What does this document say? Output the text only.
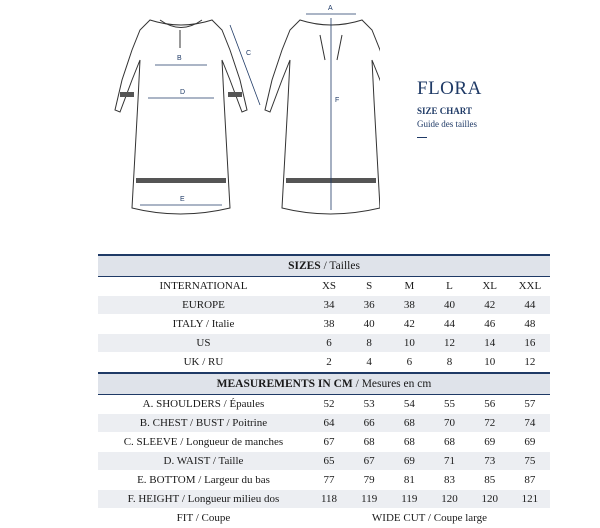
B
D
E
C
A
F
FLORA
SIZE CHART
Guide des tailles
SIZES / Tailles						
INTERNATIONAL	XS	S	M	L	XL	XXL
EUROPE	34	36	38	40	42	44
ITALY / Italie	38	40	42	44	46	48
US	6	8	10	12	14	16
UK / RU	2	4	6	8	10	12
MEASUREMENTS IN CM / Mesures en cm						
A. SHOULDERS / Épaules	52	53	54	55	56	57
B. CHEST / BUST / Poitrine	64	66	68	70	72	74
C. SLEEVE / Longueur de manches	67	68	68	68	69	69
D. WAIST / Taille	65	67	69	71	73	75
E. BOTTOM / Largeur du bas	77	79	81	83	85	87
F. HEIGHT / Longueur milieu dos	118	119	119	120	120	121
FIT / Coupe	WIDE CUT / Coupe large					
